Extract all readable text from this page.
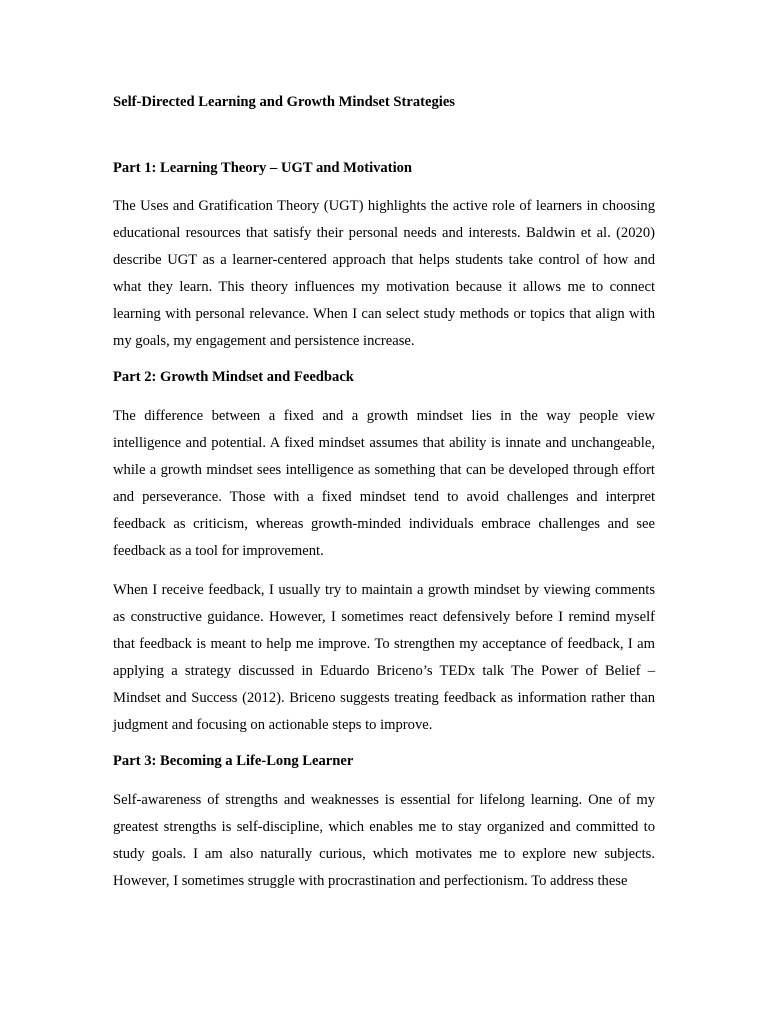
Self-Directed Learning and Growth Mindset Strategies

Part 1: Learning Theory – UGT and Motivation

The Uses and Gratification Theory (UGT) highlights the active role of learners in choosing educational resources that satisfy their personal needs and interests. Baldwin et al. (2020) describe UGT as a learner-centered approach that helps students take control of how and what they learn. This theory influences my motivation because it allows me to connect learning with personal relevance. When I can select study methods or topics that align with my goals, my engagement and persistence increase.

Part 2: Growth Mindset and Feedback

The difference between a fixed and a growth mindset lies in the way people view intelligence and potential. A fixed mindset assumes that ability is innate and unchangeable, while a growth mindset sees intelligence as something that can be developed through effort and perseverance. Those with a fixed mindset tend to avoid challenges and interpret feedback as criticism, whereas growth-minded individuals embrace challenges and see feedback as a tool for improvement.

When I receive feedback, I usually try to maintain a growth mindset by viewing comments as constructive guidance. However, I sometimes react defensively before I remind myself that feedback is meant to help me improve. To strengthen my acceptance of feedback, I am applying a strategy discussed in Eduardo Briceno’s TEDx talk The Power of Belief – Mindset and Success (2012). Briceno suggests treating feedback as information rather than judgment and focusing on actionable steps to improve.

Part 3: Becoming a Life-Long Learner

Self-awareness of strengths and weaknesses is essential for lifelong learning. One of my greatest strengths is self-discipline, which enables me to stay organized and committed to study goals. I am also naturally curious, which motivates me to explore new subjects. However, I sometimes struggle with procrastination and perfectionism. To address these
